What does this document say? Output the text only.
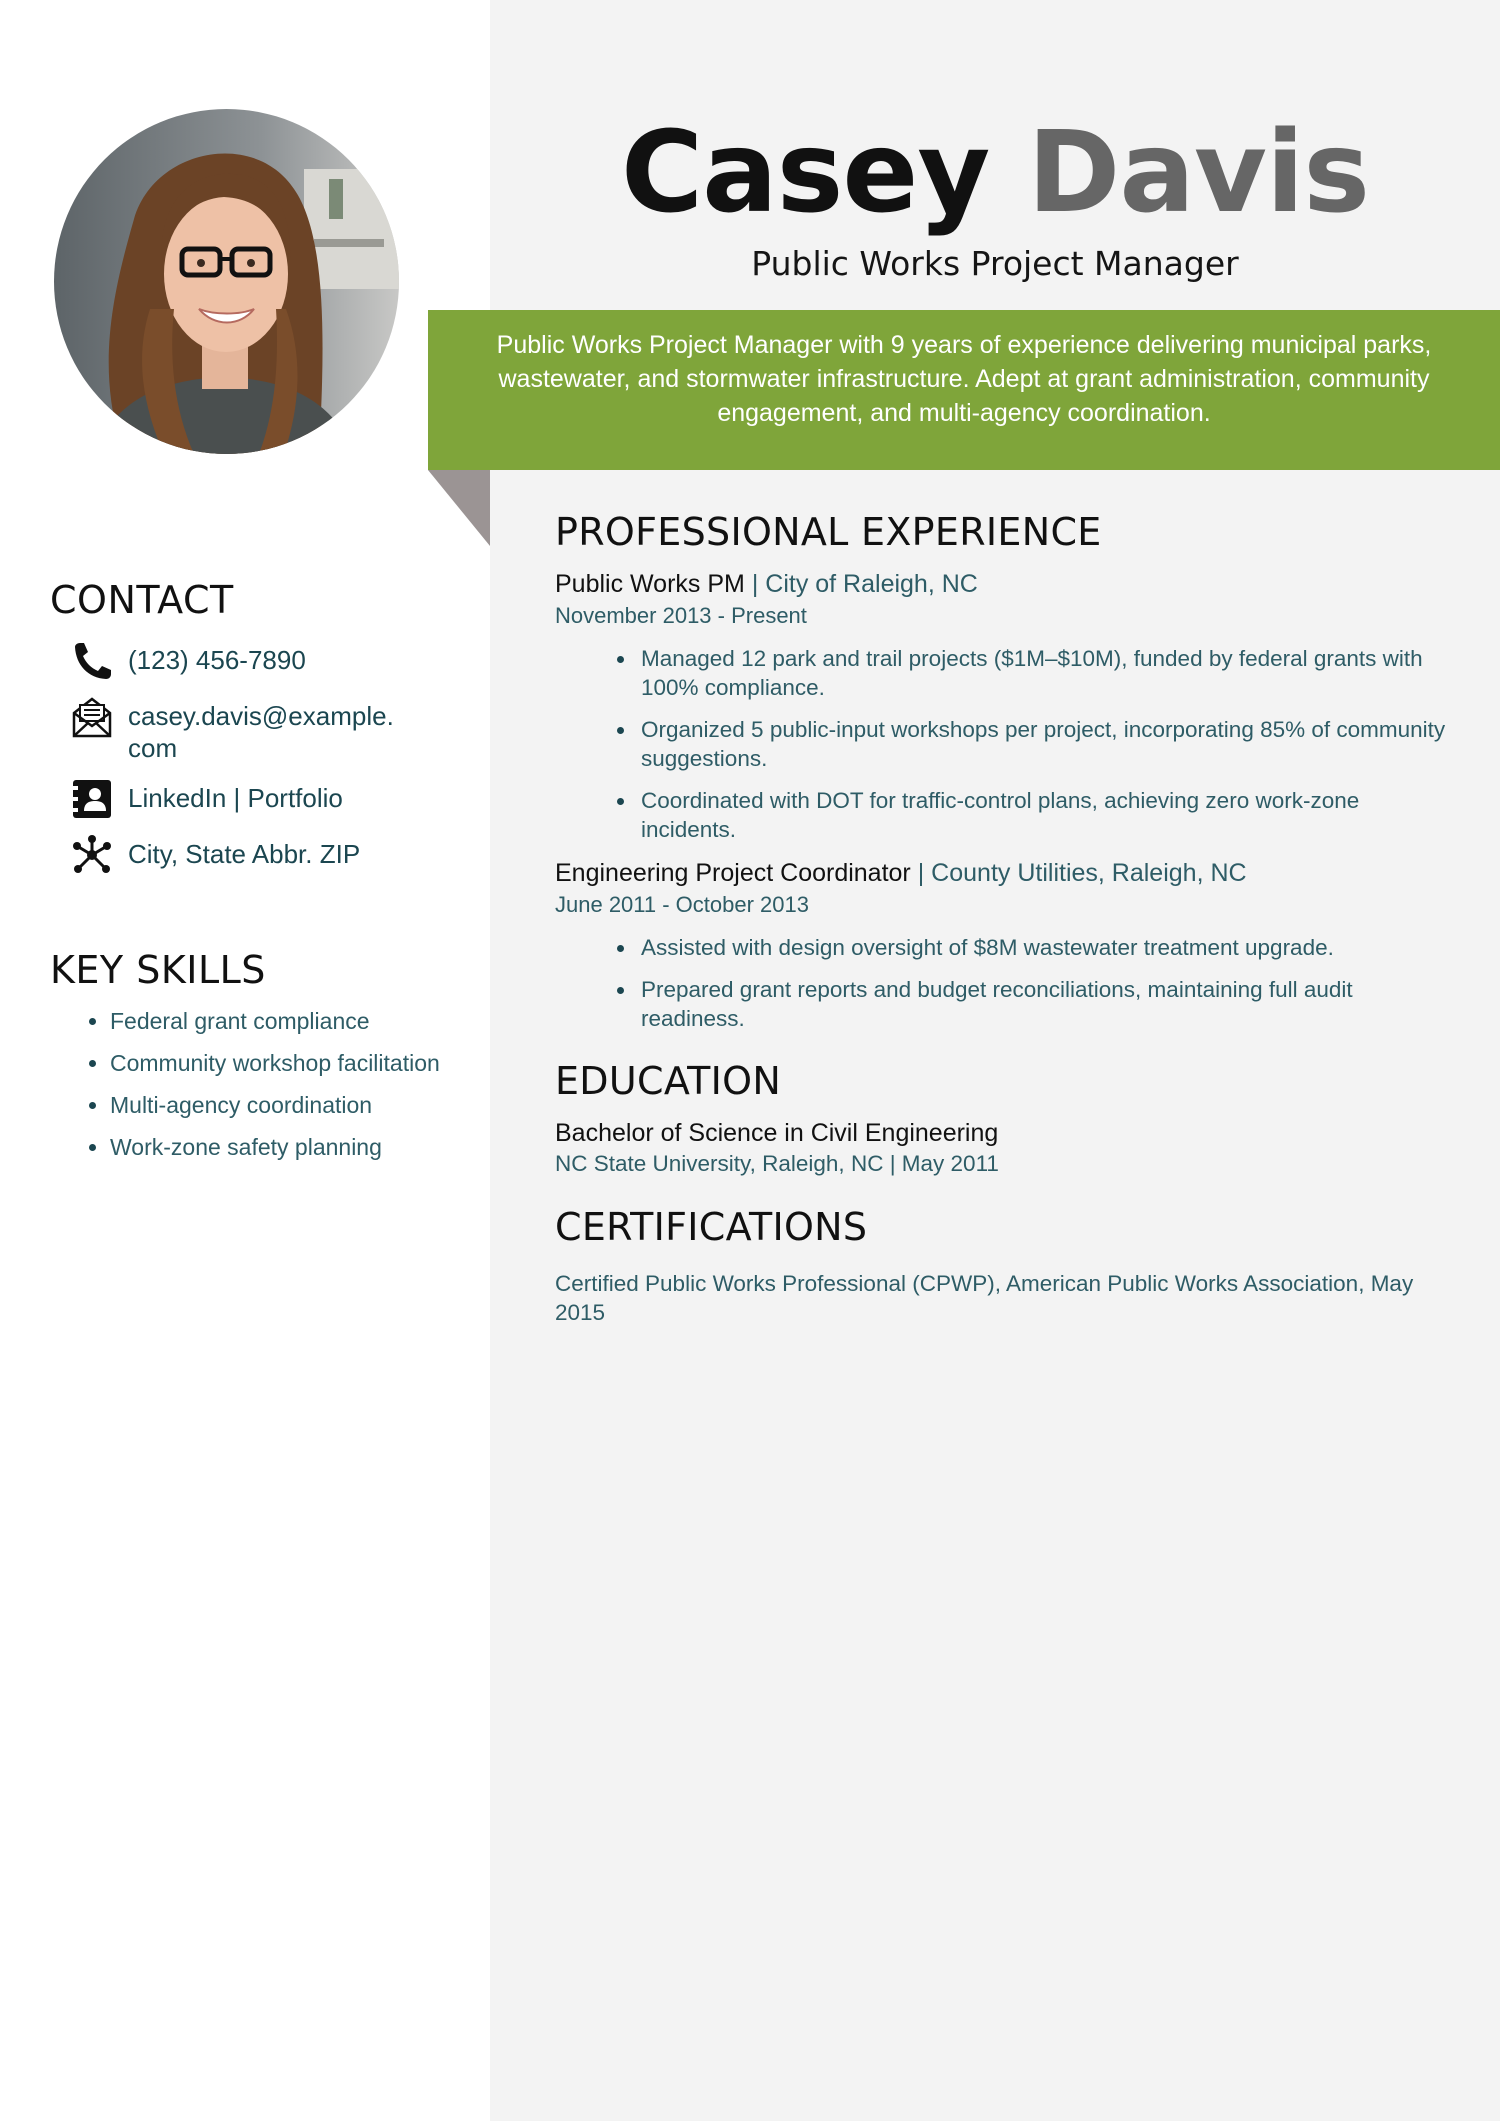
CONTACT
(123) 456-7890
casey.davis@example.
com
LinkedIn | Portfolio
City, State Abbr. ZIP
KEY SKILLS
• Federal grant compliance
• Community workshop facilitation
• Multi-agency coordination
• Work-zone safety planning
Casey Davis
Public Works Project Manager

Public Works Project Manager with 9 years of experience delivering municipal parks, wastewater, and stormwater infrastructure. Adept at grant administration, community engagement, and multi-agency coordination.

PROFESSIONAL EXPERIENCE
Public Works PM | City of Raleigh, NC
November 2013 - Present
• Managed 12 park and trail projects ($1M–$10M), funded by federal grants with 100% compliance.
• Organized 5 public-input workshops per project, incorporating 85% of community suggestions.
• Coordinated with DOT for traffic-control plans, achieving zero work-zone incidents.
Engineering Project Coordinator | County Utilities, Raleigh, NC
June 2011 - October 2013
• Assisted with design oversight of $8M wastewater treatment upgrade.
• Prepared grant reports and budget reconciliations, maintaining full audit readiness.
EDUCATION
Bachelor of Science in Civil Engineering
NC State University, Raleigh, NC | May 2011
CERTIFICATIONS
Certified Public Works Professional (CPWP), American Public Works Association, May 2015
